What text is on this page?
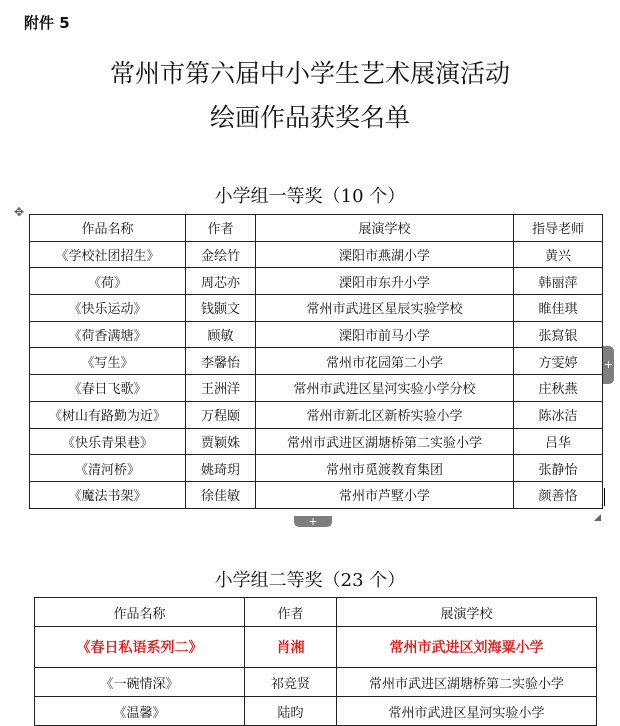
附件 5
常州市第六届中小学生艺术展演活动
绘画作品获奖名单
小学组一等奖（10 个）
✥
作品名称	作者	展演学校	指导老师
《学校社团招生》	金绘竹	溧阳市燕湖小学	黄兴
《荷》	周芯亦	溧阳市东升小学	韩丽萍
《快乐运动》	钱颢文	常州市武进区星辰实验学校	睢佳琪
《荷香满塘》	顾敏	溧阳市前马小学	张寫银
《写生》	李馨怡	常州市花园第二小学	方雯婷
《春日飞歌》	王洲洋	常州市武进区星河实验小学分校	庄秋燕
《树山有路勤为近》	万程颐	常州市新北区新桥实验小学	陈冰洁
《快乐青果巷》	贾颖姝	常州市武进区湖塘桥第二实验小学	吕华
《清河桥》	姚琦玥	常州市觅渡教育集团	张静怡
《魔法书架》	徐佳敏	常州市芦墅小学	颜善恪
+
+
小学组二等奖（23 个）
作品名称	作者	展演学校
《春日私语系列二》	肖湘	常州市武进区刘海粟小学
《一碗情深》	祁竞贤	常州市武进区湖塘桥第二实验小学
《温馨》	陆昀	常州市武进区星河实验小学
